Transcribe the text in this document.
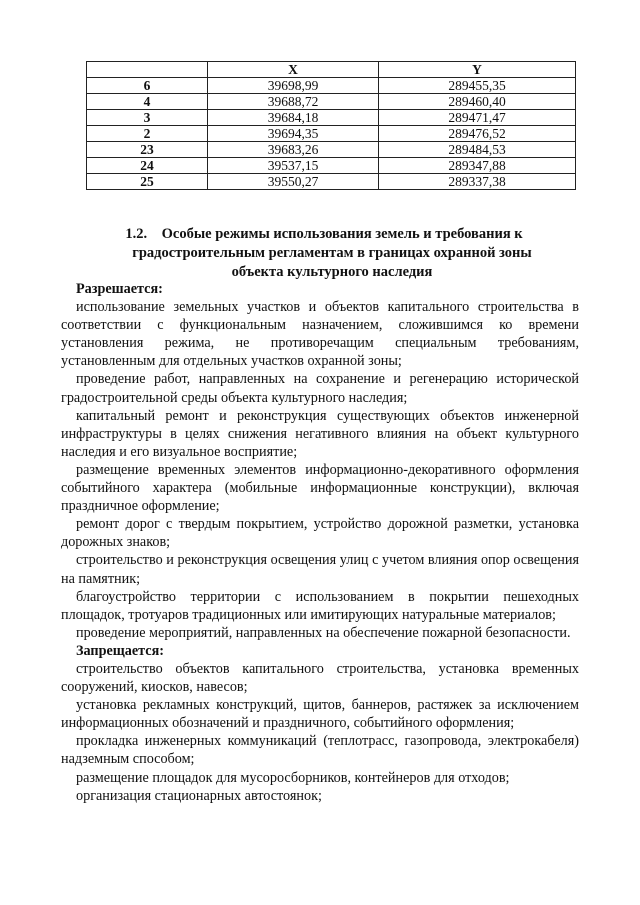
	X	Y
6	39698,99	289455,35
4	39688,72	289460,40
3	39684,18	289471,47
2	39694,35	289476,52
23	39683,26	289484,53
24	39537,15	289347,88
25	39550,27	289337,38
1.2. Особые режимы использования земель и требования к
градостроительным регламентам в границах охранной зоны
объекта культурного наследия
Разрешается:

использование земельных участков и объектов капитального строительства в соответствии с функциональным назначением, сложившимся ко времени установления режима, не противоречащим специальным требованиям, установленным для отдельных участков охранной зоны;

проведение работ, направленных на сохранение и регенерацию исторической градостроительной среды объекта культурного наследия;

капитальный ремонт и реконструкция существующих объектов инженерной инфраструктуры в целях снижения негативного влияния на объект культурного наследия и его визуальное восприятие;

размещение временных элементов информационно-декоративного оформления событийного характера (мобильные информационные конструкции), включая праздничное оформление;

ремонт дорог с твердым покрытием, устройство дорожной разметки, установка дорожных знаков;

строительство и реконструкция освещения улиц с учетом влияния опор освещения на памятник;

благоустройство территории с использованием в покрытии пешеходных площадок, тротуаров традиционных или имитирующих натуральные материалов;

проведение мероприятий, направленных на обеспечение пожарной безопасности.

Запрещается:

строительство объектов капитального строительства, установка временных сооружений, киосков, навесов;

установка рекламных конструкций, щитов, баннеров, растяжек за исключением информационных обозначений и праздничного, событийного оформления;

прокладка инженерных коммуникаций (теплотрасс, газопровода, электрокабеля) надземным способом;

размещение площадок для мусоросборников, контейнеров для отходов;

организация стационарных автостоянок;
